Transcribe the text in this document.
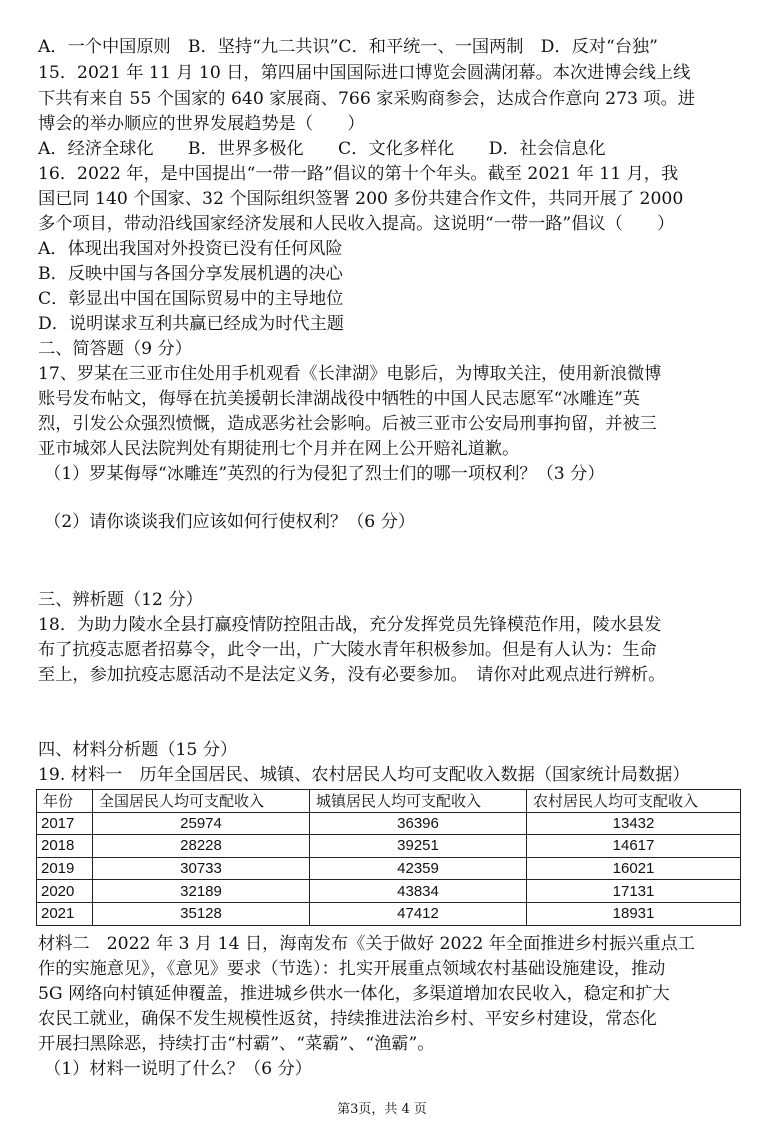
A．一个中国原则　B．坚持“九二共识”C．和平统一、一国两制　D．反对“台独”
15．2021 年 11 月 10 日，第四届中国国际进口博览会圆满闭幕。本次进博会线上线
下共有来自 55 个国家的 640 家展商、766 家采购商参会，达成合作意向 273 项。进
博会的举办顺应的世界发展趋势是（　　）
A．经济全球化　　B．世界多极化　　C．文化多样化　　D．社会信息化
16．2022 年，是中国提出“一带一路”倡议的第十个年头。截至 2021 年 11 月，我
国已同 140 个国家、32 个国际组织签署 200 多份共建合作文件，共同开展了 2000
多个项目，带动沿线国家经济发展和人民收入提高。这说明“一带一路”倡议（　　）
A．体现出我国对外投资已没有任何风险
B．反映中国与各国分享发展机遇的决心
C．彰显出中国在国际贸易中的主导地位
D．说明谋求互利共赢已经成为时代主题
二、简答题（9 分）
17、罗某在三亚市住处用手机观看《长津湖》电影后，为博取关注，使用新浪微博
账号发布帖文，侮辱在抗美援朝长津湖战役中牺牲的中国人民志愿军“冰雕连”英
烈，引发公众强烈愤慨，造成恶劣社会影响。后被三亚市公安局刑事拘留，并被三
亚市城郊人民法院判处有期徒刑七个月并在网上公开赔礼道歉。
（1）罗某侮辱“冰雕连”英烈的行为侵犯了烈士们的哪一项权利？（3 分）
（2）请你谈谈我们应该如何行使权利？（6 分）
三、辨析题（12 分）
18．为助力陵水全县打赢疫情防控阻击战，充分发挥党员先锋模范作用，陵水县发
布了抗疫志愿者招募令，此令一出，广大陵水青年积极参加。但是有人认为：生命
至上，参加抗疫志愿活动不是法定义务，没有必要参加。　请你对此观点进行辨析。
四、材料分析题（15 分）
19. 材料一　历年全国居民、城镇、农村居民人均可支配收入数据（国家统计局数据）
年份	全国居民人均可支配收入	城镇居民人均可支配收入	农村居民人均可支配收入
2017	25974	36396	13432
2018	28228	39251	14617
2019	30733	42359	16021
2020	32189	43834	17131
2021	35128	47412	18931
材料二　2022 年 3 月 14 日，海南发布《关于做好 2022 年全面推进乡村振兴重点工
作的实施意见》，《意见》要求（节选）：扎实开展重点领域农村基础设施建设，推动
5G 网络向村镇延伸覆盖，推进城乡供水一体化，多渠道增加农民收入，稳定和扩大
农民工就业，确保不发生规模性返贫，持续推进法治乡村、平安乡村建设，常态化
开展扫黑除恶，持续打击“村霸”、“菜霸”、“渔霸”。
（1）材料一说明了什么？（6 分）
第3页，共 4 页
